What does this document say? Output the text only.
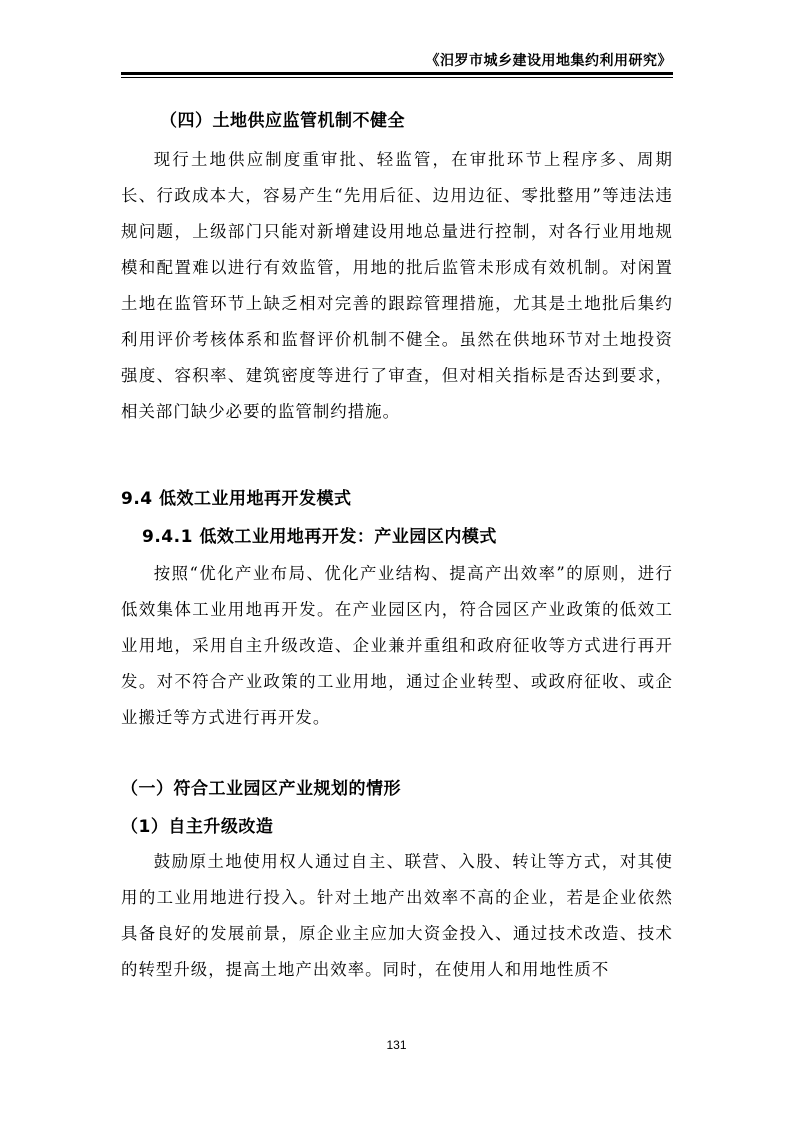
《汨罗市城乡建设用地集约利用研究》
（四）土地供应监管机制不健全

现行土地供应制度重审批、轻监管，在审批环节上程序多、周期长、行政成本大，容易产生“先用后征、边用边征、零批整用”等违法违规问题，上级部门只能对新增建设用地总量进行控制，对各行业用地规模和配置难以进行有效监管，用地的批后监管未形成有效机制。对闲置土地在监管环节上缺乏相对完善的跟踪管理措施，尤其是土地批后集约利用评价考核体系和监督评价机制不健全。虽然在供地环节对土地投资强度、容积率、建筑密度等进行了审查，但对相关指标是否达到要求，相关部门缺少必要的监管制约措施。

9.4 低效工业用地再开发模式
9.4.1 低效工业用地再开发：产业园区内模式

按照“优化产业布局、优化产业结构、提高产出效率”的原则，进行低效集体工业用地再开发。在产业园区内，符合园区产业政策的低效工业用地，采用自主升级改造、企业兼并重组和政府征收等方式进行再开发。对不符合产业政策的工业用地，通过企业转型、或政府征收、或企业搬迁等方式进行再开发。

（一）符合工业园区产业规划的情形
（1）自主升级改造

鼓励原土地使用权人通过自主、联营、入股、转让等方式，对其使用的工业用地进行投入。针对土地产出效率不高的企业，若是企业依然具备良好的发展前景，原企业主应加大资金投入、通过技术改造、技术的转型升级，提高土地产出效率。同时，在使用人和用地性质不

131
